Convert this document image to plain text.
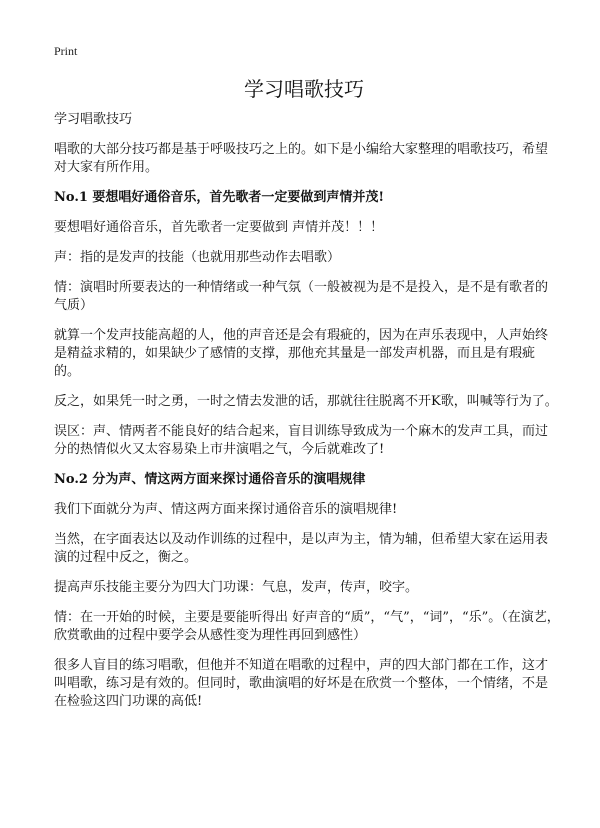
Print
学习唱歌技巧

学习唱歌技巧

唱歌的大部分技巧都是基于呼吸技巧之上的。如下是小编给大家整理的唱歌技巧，希望对大家有所作用。

No.1 要想唱好通俗音乐，首先歌者一定要做到声情并茂!

要想唱好通俗音乐，首先歌者一定要做到 声情并茂！！！

声：指的是发声的技能（也就用那些动作去唱歌）

情：演唱时所要表达的一种情绪或一种气氛（一般被视为是不是投入，是不是有歌者的气质）

就算一个发声技能高超的人，他的声音还是会有瑕疵的，因为在声乐表现中，人声始终是精益求精的，如果缺少了感情的支撑，那他充其量是一部发声机器，而且是有瑕疵的。

反之，如果凭一时之勇，一时之情去发泄的话，那就往往脱离不开K歌，叫喊等行为了。

误区：声、情两者不能良好的结合起来，盲目训练导致成为一个麻木的发声工具，而过分的热情似火又太容易染上市井演唱之气，今后就难改了!

No.2 分为声、情这两方面来探讨通俗音乐的演唱规律

我们下面就分为声、情这两方面来探讨通俗音乐的演唱规律!

当然，在字面表达以及动作训练的过程中，是以声为主，情为辅，但希望大家在运用表演的过程中反之，衡之。

提高声乐技能主要分为四大门功课：气息，发声，传声，咬字。

情：在一开始的时候，主要是要能听得出 好声音的“质”，“气”，“词”，“乐”。（在演艺，欣赏歌曲的过程中要学会从感性变为理性再回到感性）

很多人盲目的练习唱歌，但他并不知道在唱歌的过程中，声的四大部门都在工作，这才叫唱歌，练习是有效的。但同时，歌曲演唱的好坏是在欣赏一个整体，一个情绪，不是在检验这四门功课的高低!
